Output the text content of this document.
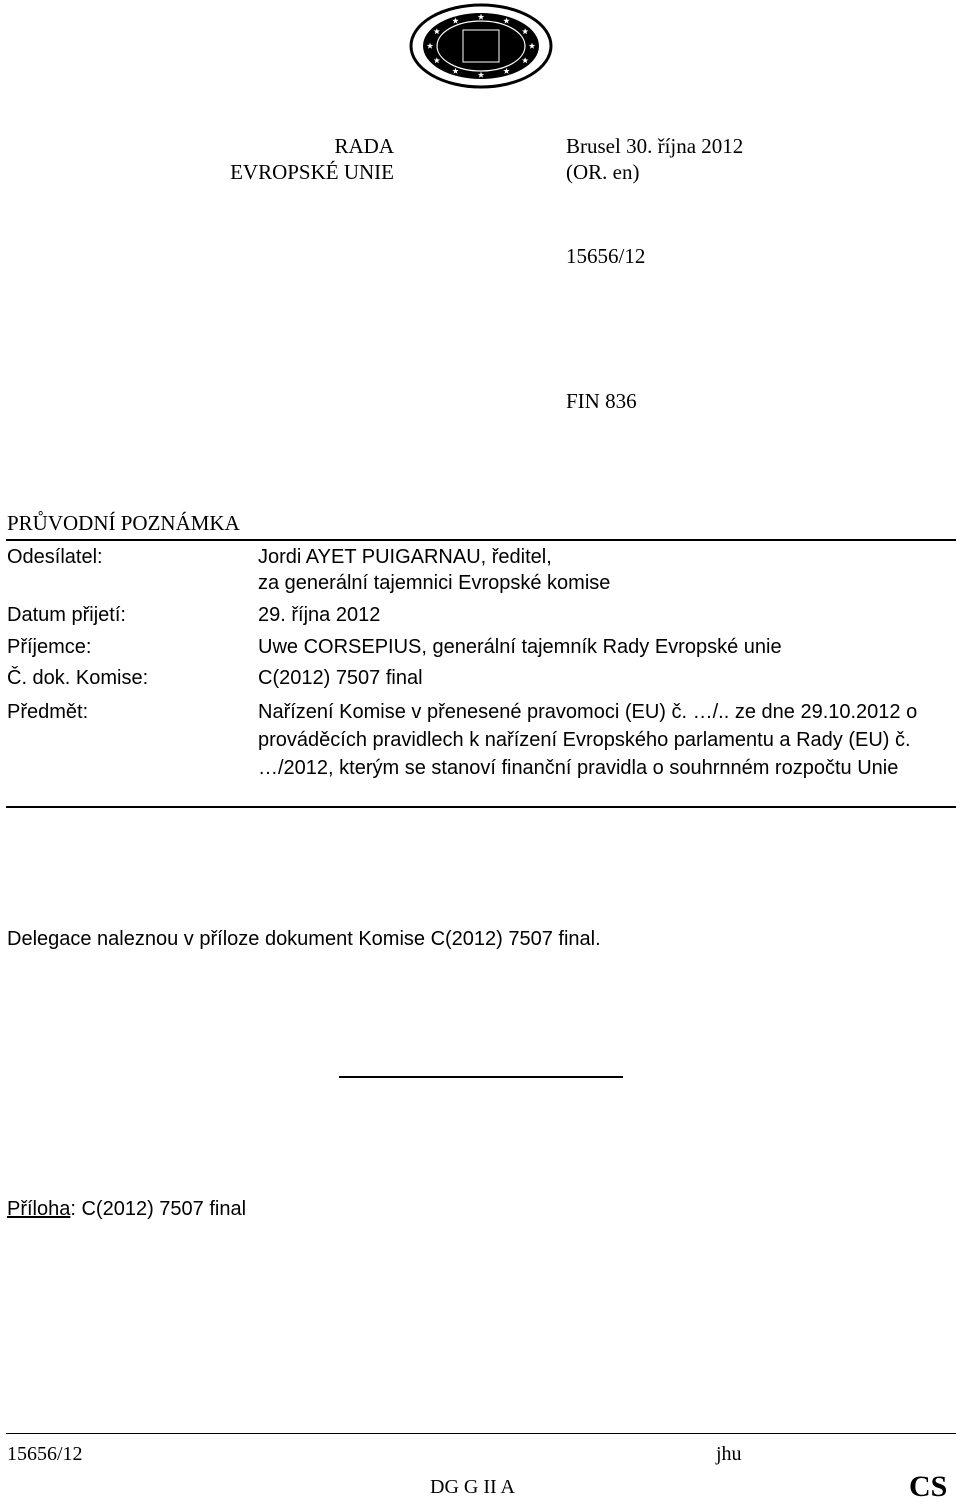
RADA
EVROPSKÉ UNIE
Brusel 30. října 2012
(OR. en)
15656/12
FIN 836
PRŮVODNÍ POZNÁMKA
Odesílatel:	Jordi AYET PUIGARNAU, ředitel,
za generální tajemnici Evropské komise
Datum přijetí:	29. října 2012
Příjemce:	Uwe CORSEPIUS, generální tajemník Rady Evropské unie
Č. dok. Komise:	C(2012) 7507 final
Předmět:	Nařízení Komise v přenesené pravomoci (EU) č. …/.. ze dne 29.10.2012 o prováděcích pravidlech k nařízení Evropského parlamentu a Rady (EU) č. …/2012, kterým se stanoví finanční pravidla o souhrnném rozpočtu Unie
Delegace naleznou v příloze dokument Komise C(2012) 7507 final.
Příloha: C(2012) 7507 final
15656/12	jhu
DG G II A	CS
